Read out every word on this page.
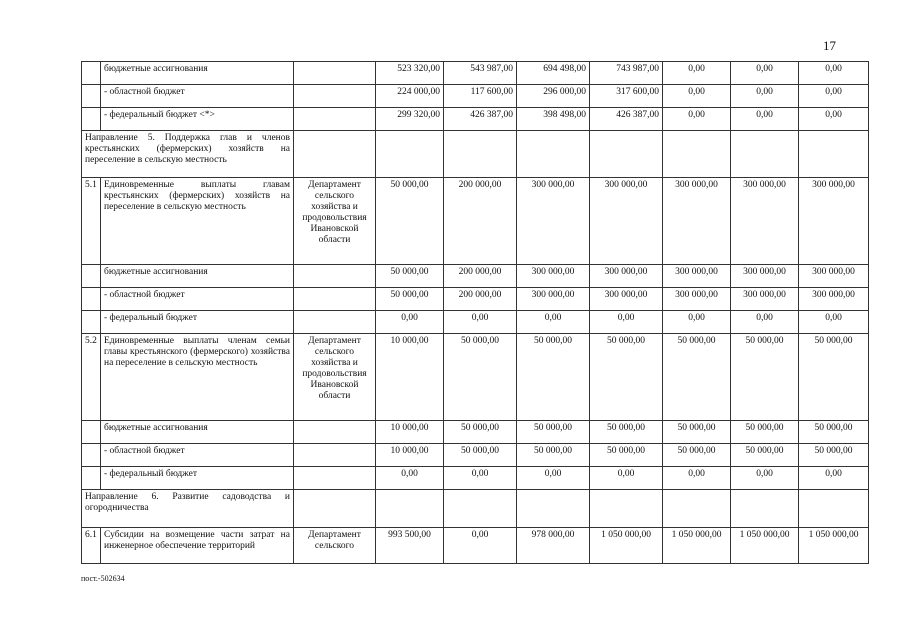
17
	бюджетные ассигнования		523 320,00	543 987,00	694 498,00	743 987,00	0,00	0,00	0,00
	- областной бюджет		224 000,00	117 600,00	296 000,00	317 600,00	0,00	0,00	0,00
	- федеральный бюджет <*>		299 320,00	426 387,00	398 498,00	426 387,00	0,00	0,00	0,00
Направление 5. Поддержка глав и членов крестьянских (фермерских) хозяйств на переселение в сельскую местность									
5.1	Единовременные выплаты главам крестьянских (фермерских) хозяйств на переселение в сельскую местность	Департамент сельского хозяйства и продовольствия Ивановской области	50 000,00	200 000,00	300 000,00	300 000,00	300 000,00	300 000,00	300 000,00
	бюджетные ассигнования		50 000,00	200 000,00	300 000,00	300 000,00	300 000,00	300 000,00	300 000,00
	- областной бюджет		50 000,00	200 000,00	300 000,00	300 000,00	300 000,00	300 000,00	300 000,00
	- федеральный бюджет		0,00	0,00	0,00	0,00	0,00	0,00	0,00
5.2	Единовременные выплаты членам семьи главы крестьянского (фермерского) хозяйства на переселение в сельскую местность	Департамент сельского хозяйства и продовольствия Ивановской области	10 000,00	50 000,00	50 000,00	50 000,00	50 000,00	50 000,00	50 000,00
	бюджетные ассигнования		10 000,00	50 000,00	50 000,00	50 000,00	50 000,00	50 000,00	50 000,00
	- областной бюджет		10 000,00	50 000,00	50 000,00	50 000,00	50 000,00	50 000,00	50 000,00
	- федеральный бюджет		0,00	0,00	0,00	0,00	0,00	0,00	0,00
Направление 6. Развитие садоводства и огородничества									
6.1	Субсидии на возмещение части затрат на инженерное обеспечение территорий	Департамент сельского	993 500,00	0,00	978 000,00	1 050 000,00	1 050 000,00	1 050 000,00	1 050 000,00
пост.-502634
